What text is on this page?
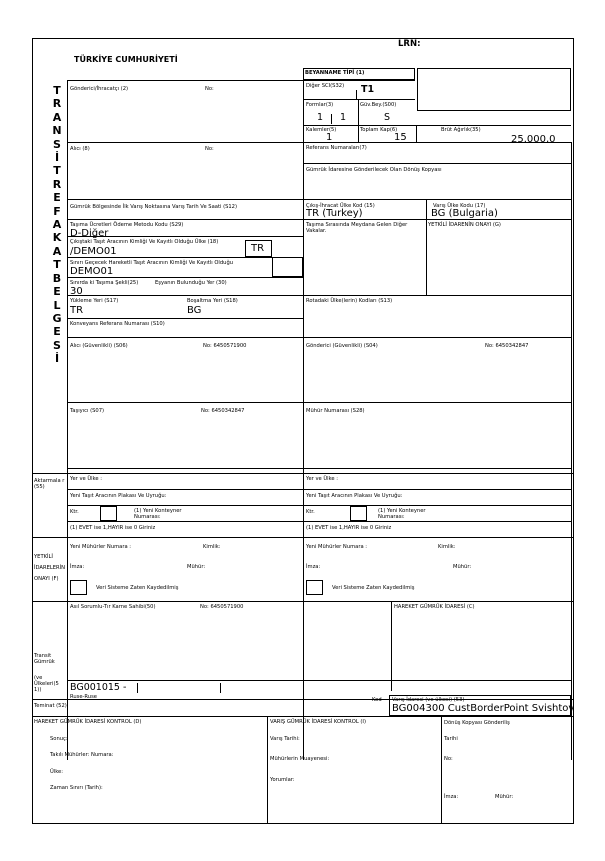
LRN:
TÜRKİYE CUMHURİYETİ
T
R
A
N
S
İ
T
R
E
F
A
K
A
T
B
E
L
G
E
S
İ
BEYANNAME TİPİ (1)
Gönderici/İhracatçı (2)	No:	Diğer SCI(S32) T1
Formlar(3)	Güv.Bey.(S00)
1 1	S
Kalemler(5)	Toplam Kap(6)	Brüt Ağırlık(35)
1	15	25.000,0
Alıcı (8)	No:	Referans Numaraları(7)
Gümrük İdaresine Gönderilecek Olan Dönüş Kopyası
Gümrük Bölgesinde İlk Varış Noktasına Varış Tarih Ve Saati (S12)	Çıkış-İhracat Ülke Kod (15)	Varış Ülke Kodu (17)
TR (Turkey)	BG (Bulgaria)
Taşıma Ücretleri Ödeme Metodu Kodu (S29)
D-Diğer
Taşıma Sırasında Meydana Gelen Diğer Vakalar.
YETKİLİ İDARENİN ONAYI (G)
Çıkıştaki Taşıt Aracının Kimliği Ve Kayıtlı Olduğu Ülke (18)
/DEMO01	TR
Sınırı Geçecek Hareketli Taşıt Aracının Kimliği Ve Kayıtlı Olduğu
DEMO01
Sınırda ki Taşıma Şekli(25)	Eşyanın Bulunduğu Yer (30)
30
Yükleme Yeri (S17)	Boşaltma Yeri (S18)
TR	BG
Rotadaki Ülke(lerin) Kodları (S13)
Konveyans Referans Numarası (S10)
Alıcı (Güvenlikli) (S06)	No: 6450571900	Gönderici (Güvenlikli) (S04)	No: 6450342847
Taşıyıcı (S07)	No: 6450342847	Mühür Numarası (S28)
Aktarmala r (55)
Yer ve Ülke :	Yer ve Ülke :
Yeni Taşıt Aracının Plakası Ve Uyruğu:	Yeni Taşıt Aracının Plakası Ve Uyruğu:
Ktr.	(1) Yeni Konteyner Numarası:
Ktr.	(1) Yeni Konteyner Numarası:
(1) EVET ise 1,HAYIR ise 0 Giriniz	(1) EVET ise 1,HAYIR ise 0 Giriniz
YETKİLİ İDARELERİN ONAYI (F)
Yeni Mühürler Numara :	Kimlik:	Yeni Mühürler Numara :	Kimlik:
İmza:	Mühür:	İmza:	Mühür:
Veri Sisteme Zaten Kaydedilmiş	Veri Sisteme Zaten Kaydedilmiş
Asıl Sorumlu-Tır Karne Sahibi(50)	No: 6450571900	HAREKET GÜMRÜK İDARESİ (C)
Transit Gümrük
(ve Ülkeleri(5 1))	BG001015 -
Ruse-Ruse
Teminat (52)
Kod Varış İdaresi (ve ülkesi) (53)
BG004300 CustBorderPoint Svishtov
HAREKET GÜMRÜK İDARESİ KONTROL (D)
Sonuç:
Takılı Mühürler: Numara:
Ülke:
Zaman Sınırı (Tarih):
VARIŞ GÜMRÜK İDARESİ KONTROL (I)
Varış Tarihi:
Mühürlerin Muayenesi:
Yorumlar:
Dönüş Kopyası Gönderiliş
Tarihi
No:
İmza:	Mühür:
